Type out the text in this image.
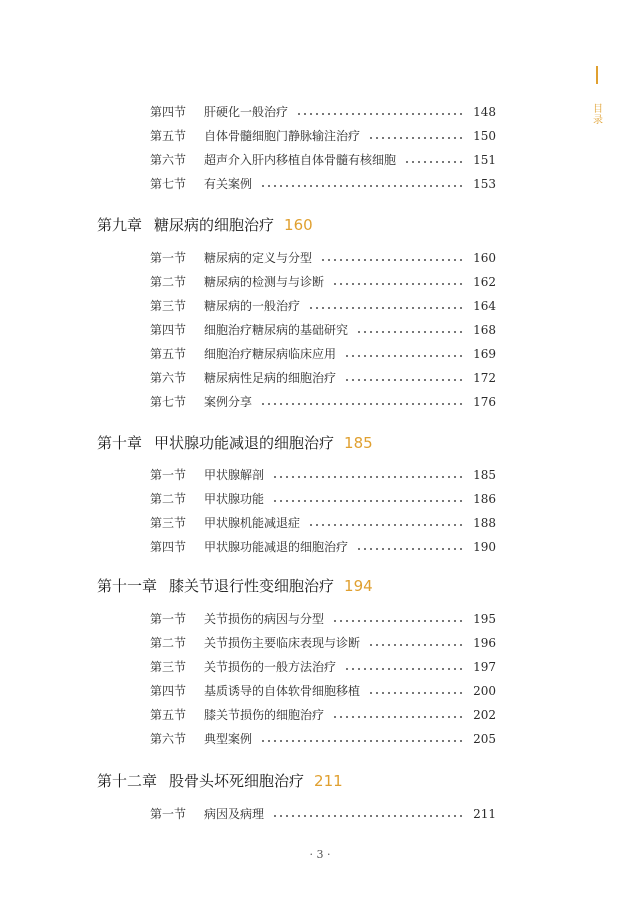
目录
第四节	肝硬化一般治疗	148
第五节	自体骨髓细胞门静脉输注治疗	150
第六节	超声介入肝内移植自体骨髓有核细胞	151
第七节	有关案例	153
第九章 糖尿病的细胞治疗 160
第一节	糖尿病的定义与分型	160
第二节	糖尿病的检测与与诊断	162
第三节	糖尿病的一般治疗	164
第四节	细胞治疗糖尿病的基础研究	168
第五节	细胞治疗糖尿病临床应用	169
第六节	糖尿病性足病的细胞治疗	172
第七节	案例分享	176
第十章 甲状腺功能减退的细胞治疗 185
第一节	甲状腺解剖	185
第二节	甲状腺功能	186
第三节	甲状腺机能减退症	188
第四节	甲状腺功能减退的细胞治疗	190
第十一章 膝关节退行性变细胞治疗 194
第一节	关节损伤的病因与分型	195
第二节	关节损伤主要临床表现与诊断	196
第三节	关节损伤的一般方法治疗	197
第四节	基质诱导的自体软骨细胞移植	200
第五节	膝关节损伤的细胞治疗	202
第六节	典型案例	205
第十二章 股骨头坏死细胞治疗 211
第一节	病因及病理	211
· 3 ·
